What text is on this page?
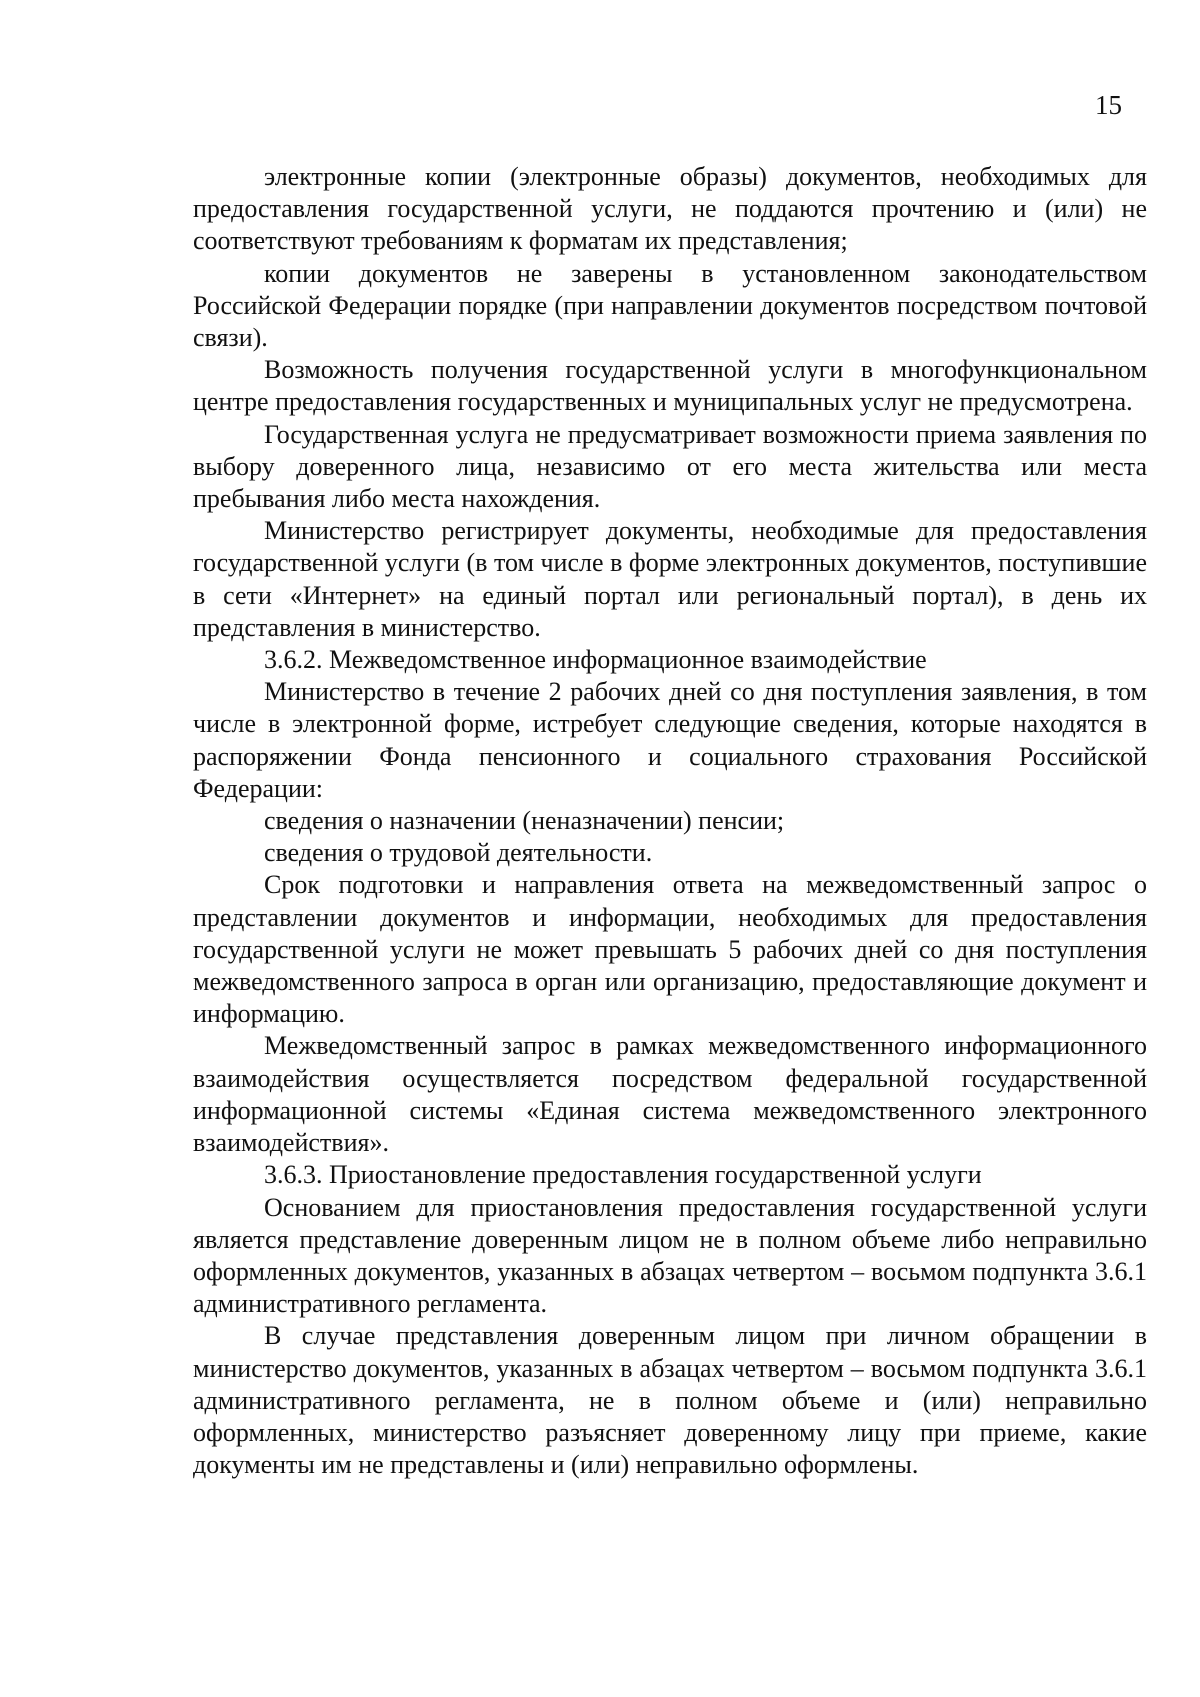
15

электронные копии (электронные образы) документов, необходимых для предоставления государственной услуги, не поддаются прочтению и (или) не соответствуют требованиям к форматам их представления;

копии документов не заверены в установленном законодательством Российской Федерации порядке (при направлении документов посредством почтовой связи).

Возможность получения государственной услуги в многофункциональном центре предоставления государственных и муниципальных услуг не предусмотрена.

Государственная услуга не предусматривает возможности приема заявления по выбору доверенного лица, независимо от его места жительства или места пребывания либо места нахождения.

Министерство регистрирует документы, необходимые для предоставления государственной услуги (в том числе в форме электронных документов, поступившие в сети «Интернет» на единый портал или региональный портал), в день их представления в министерство.

3.6.2. Межведомственное информационное взаимодействие

Министерство в течение 2 рабочих дней со дня поступления заявления, в том числе в электронной форме, истребует следующие сведения, которые находятся в распоряжении Фонда пенсионного и социального страхования Российской Федерации:

сведения о назначении (неназначении) пенсии;

сведения о трудовой деятельности.

Срок подготовки и направления ответа на межведомственный запрос о представлении документов и информации, необходимых для предоставления государственной услуги не может превышать 5 рабочих дней со дня поступления межведомственного запроса в орган или организацию, предоставляющие документ и информацию.

Межведомственный запрос в рамках межведомственного информационного взаимодействия осуществляется посредством федеральной государственной информационной системы «Единая система межведомственного электронного взаимодействия».

3.6.3. Приостановление предоставления государственной услуги

Основанием для приостановления предоставления государственной услуги является представление доверенным лицом не в полном объеме либо неправильно оформленных документов, указанных в абзацах четвертом – восьмом подпункта 3.6.1 административного регламента.

В случае представления доверенным лицом при личном обращении в министерство документов, указанных в абзацах четвертом – восьмом подпункта 3.6.1 административного регламента, не в полном объеме и (или) неправильно оформленных, министерство разъясняет доверенному лицу при приеме, какие документы им не представлены и (или) неправильно оформлены.
